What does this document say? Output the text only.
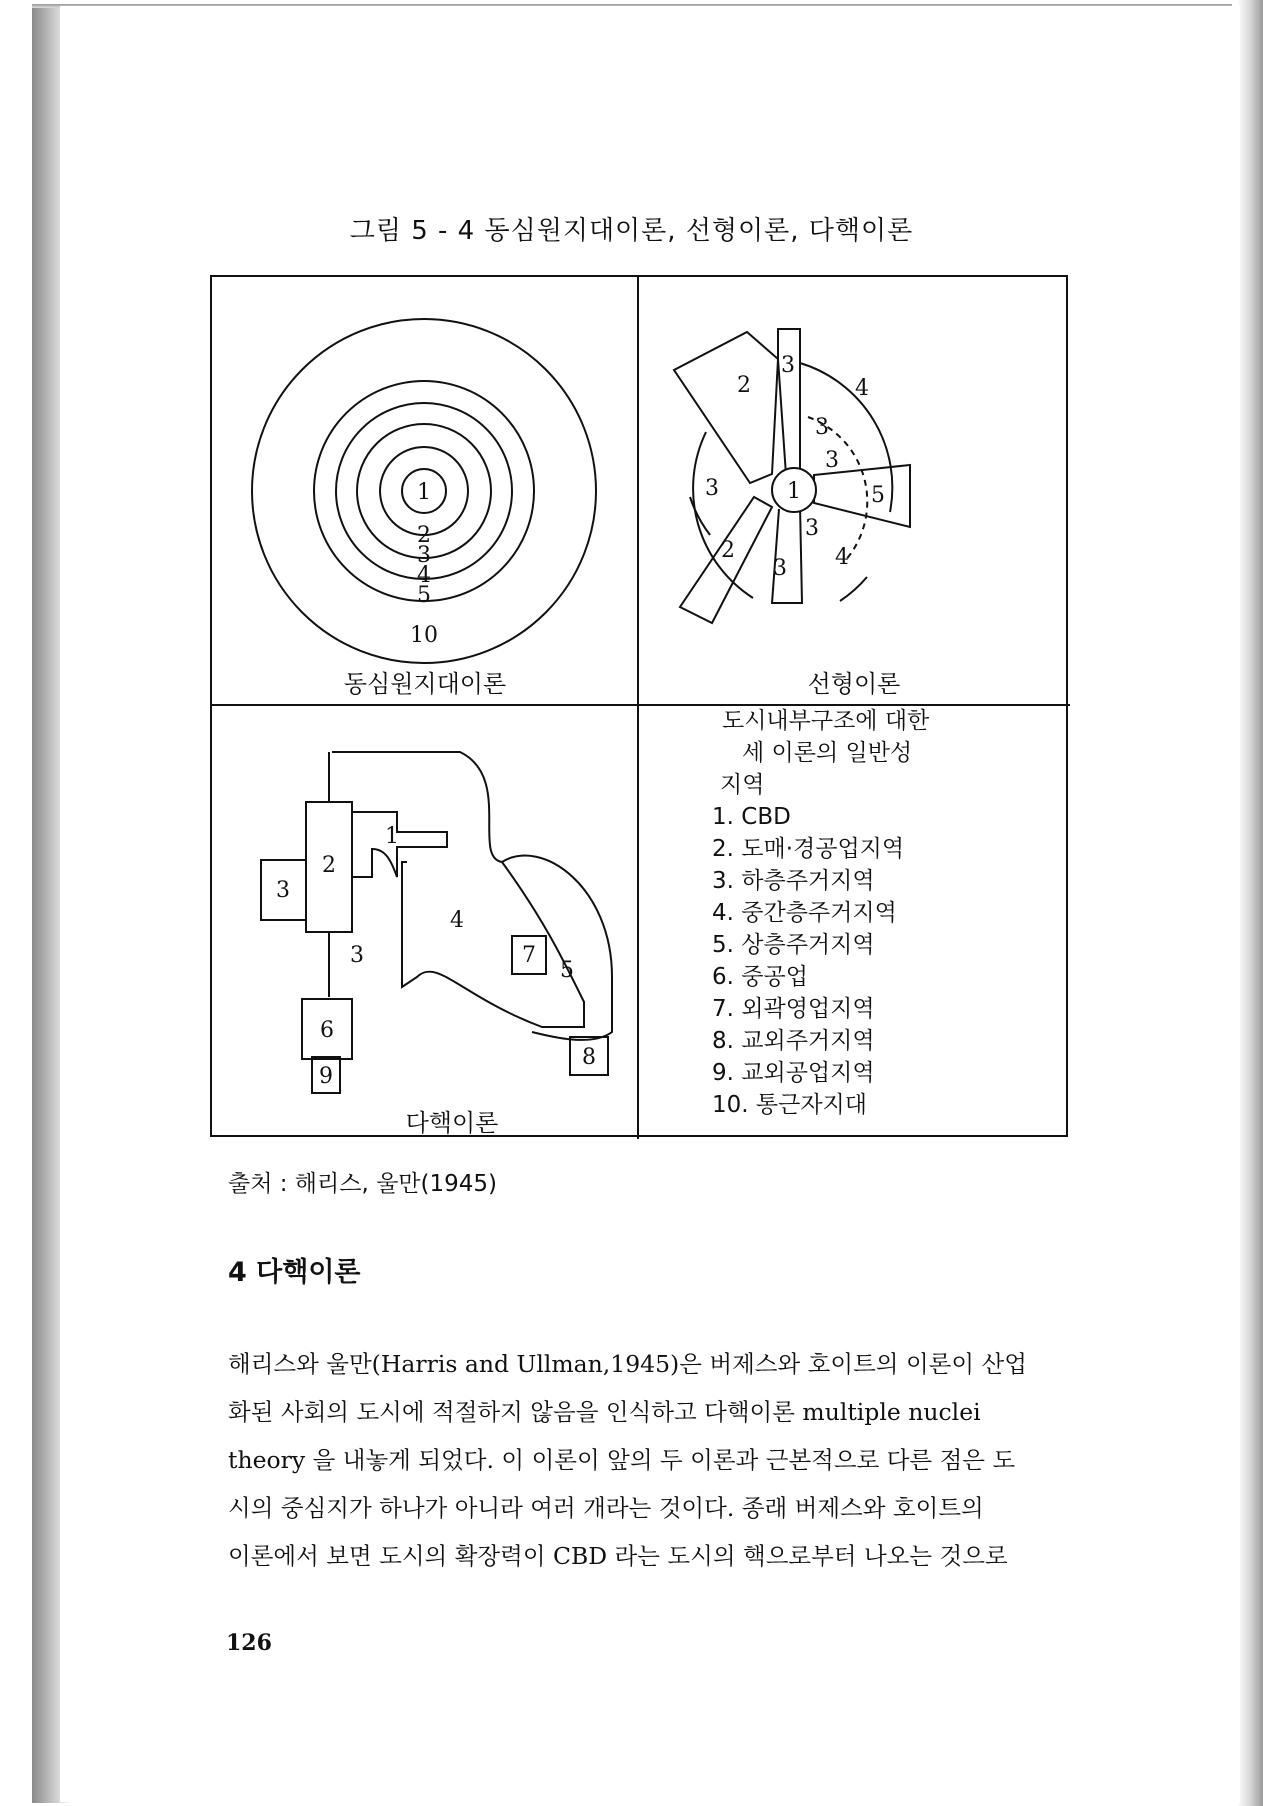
그림 5 - 4 동심원지대이론, 선형이론, 다핵이론
1
2
3
4
5
10
1
2
3
3
4
3
3
5
3
4
2
3
1
2
3
3
4
5
6
7
8
9
동심원지대이론	선형이론
다핵이론
도시내부구조에 대한
세 이론의 일반성
지역
1. CBD
2. 도매·경공업지역
3. 하층주거지역
4. 중간층주거지역
5. 상층주거지역
6. 중공업
7. 외곽영업지역
8. 교외주거지역
9. 교외공업지역
10. 통근자지대
출처 : 해리스, 울만(1945)
4 다핵이론
해리스와 울만(Harris and Ullman,1945)은 버제스와 호이트의 이론이 산업
화된 사회의 도시에 적절하지 않음을 인식하고 다핵이론 multiple nuclei
theory 을 내놓게 되었다. 이 이론이 앞의 두 이론과 근본적으로 다른 점은 도
시의 중심지가 하나가 아니라 여러 개라는 것이다. 종래 버제스와 호이트의
이론에서 보면 도시의 확장력이 CBD 라는 도시의 핵으로부터 나오는 것으로
126
